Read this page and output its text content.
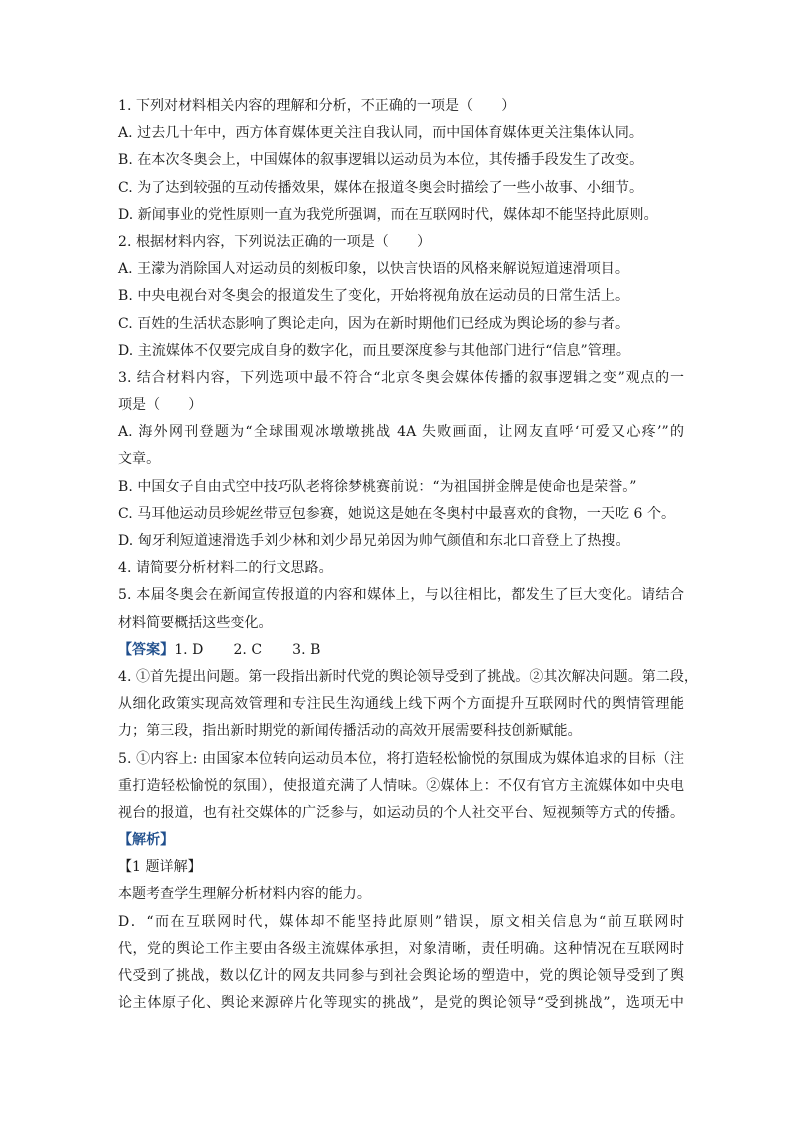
1. 下列对材料相关内容的理解和分析，不正确的一项是（　　）
A. 过去几十年中，西方体育媒体更关注自我认同，而中国体育媒体更关注集体认同。
B. 在本次冬奥会上，中国媒体的叙事逻辑以运动员为本位，其传播手段发生了改变。
C. 为了达到较强的互动传播效果，媒体在报道冬奥会时描绘了一些小故事、小细节。
D. 新闻事业的党性原则一直为我党所强调，而在互联网时代，媒体却不能坚持此原则。
2. 根据材料内容，下列说法正确的一项是（　　）
A. 王濛为消除国人对运动员的刻板印象，以快言快语的风格来解说短道速滑项目。
B. 中央电视台对冬奥会的报道发生了变化，开始将视角放在运动员的日常生活上。
C. 百姓的生活状态影响了舆论走向，因为在新时期他们已经成为舆论场的参与者。
D. 主流媒体不仅要完成自身的数字化，而且要深度参与其他部门进行“信息”管理。
3. 结合材料内容，下列选项中最不符合“北京冬奥会媒体传播的叙事逻辑之变”观点的一
项是（　　）
A. 海外网刊登题为“全球围观冰墩墩挑战 4A 失败画面，让网友直呼‘可爱又心疼’”的
文章。
B. 中国女子自由式空中技巧队老将徐梦桃赛前说：“为祖国拼金牌是使命也是荣誉。”
C. 马耳他运动员珍妮丝带豆包参赛，她说这是她在冬奥村中最喜欢的食物，一天吃 6 个。
D. 匈牙利短道速滑选手刘少林和刘少昂兄弟因为帅气颜值和东北口音登上了热搜。
4. 请简要分析材料二的行文思路。
5. 本届冬奥会在新闻宣传报道的内容和媒体上，与以往相比，都发生了巨大变化。请结合
材料简要概括这些变化。
【答案】1. D 2. C 3. B
4. ①首先提出问题。第一段指出新时代党的舆论领导受到了挑战。②其次解决问题。第二段，
从细化政策实现高效管理和专注民生沟通线上线下两个方面提升互联网时代的舆情管理能
力；第三段，指出新时期党的新闻传播活动的高效开展需要科技创新赋能。
5. ①内容上: 由国家本位转向运动员本位，将打造轻松愉悦的氛围成为媒体追求的目标（注
重打造轻松愉悦的氛围），使报道充满了人情味。②媒体上：不仅有官方主流媒体如中央电
视台的报道，也有社交媒体的广泛参与，如运动员的个人社交平台、短视频等方式的传播。
【解析】
【1 题详解】
本题考查学生理解分析材料内容的能力。
D．“而在互联网时代，媒体却不能坚持此原则”错误，原文相关信息为“前互联网时
代，党的舆论工作主要由各级主流媒体承担，对象清晰，责任明确。这种情况在互联网时
代受到了挑战，数以亿计的网友共同参与到社会舆论场的塑造中，党的舆论领导受到了舆
论主体原子化、舆论来源碎片化等现实的挑战”，是党的舆论领导“受到挑战”，选项无中
